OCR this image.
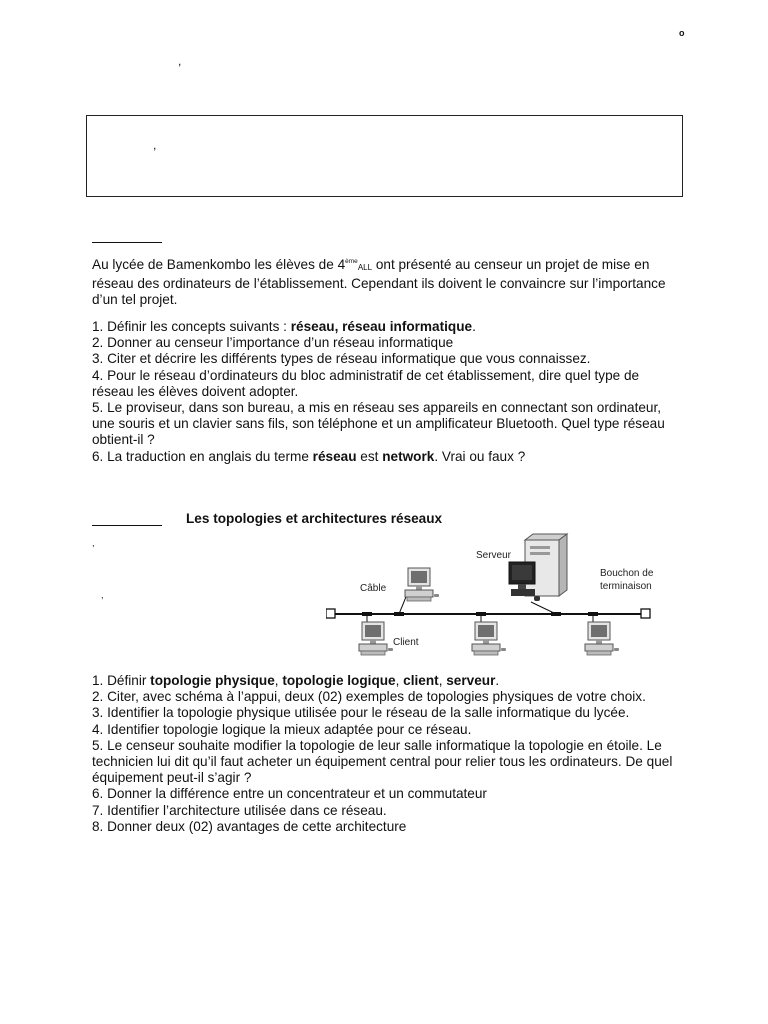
o
,
,

Au lycée de Bamenkombo les élèves de 4èmeALL ont présenté au censeur un projet de mise en réseau des ordinateurs de l’établissement. Cependant ils doivent le convaincre sur l’importance d’un tel projet.

1. Définir les concepts suivants : réseau, réseau informatique.
2. Donner au censeur l’importance d’un réseau informatique
3. Citer et décrire les différents types de réseau informatique que vous connaissez.
4. Pour le réseau d’ordinateurs du bloc administratif de cet établissement, dire quel type de réseau les élèves doivent adopter.
5. Le proviseur, dans son bureau, a mis en réseau ses appareils en connectant son ordinateur, une souris et un clavier sans fils, son téléphone et un amplificateur Bluetooth. Quel type réseau obtient-il ?
6. La traduction en anglais du terme réseau est network. Vrai ou faux ?
Les topologies et architectures réseaux
,
,
Serveur
Câble
Client
Bouchon de
terminaison
1. Définir topologie physique, topologie logique, client, serveur.
2. Citer, avec schéma à l’appui, deux (02) exemples de topologies physiques de votre choix.
3. Identifier la topologie physique utilisée pour le réseau de la salle informatique du lycée.
4. Identifier topologie logique la mieux adaptée pour ce réseau.
5. Le censeur souhaite modifier la topologie de leur salle informatique la topologie en étoile. Le technicien lui dit qu’il faut acheter un équipement central pour relier tous les ordinateurs. De quel équipement peut-il s’agir ?
6. Donner la différence entre un concentrateur et un commutateur
7. Identifier l’architecture utilisée dans ce réseau.
8. Donner deux (02) avantages de cette architecture
